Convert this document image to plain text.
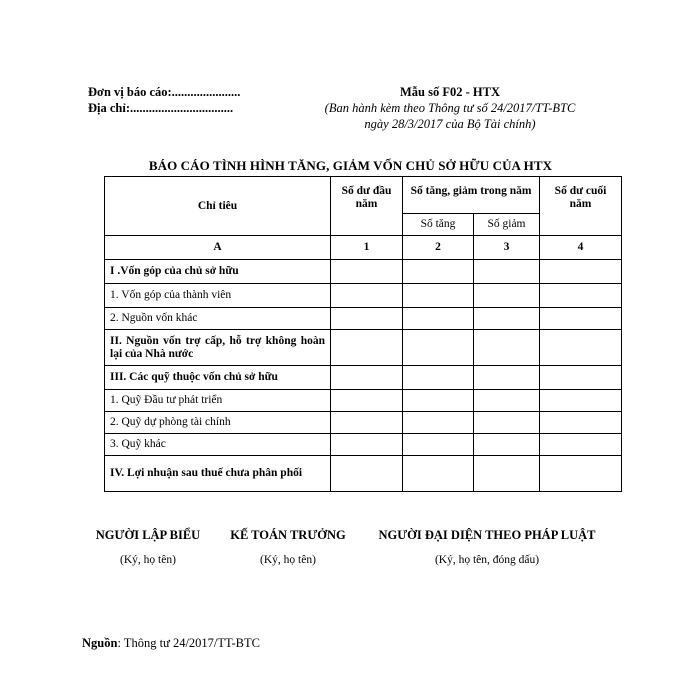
Đơn vị báo cáo:......................
Địa chỉ:.................................
Mẫu số F02 - HTX
(Ban hành kèm theo Thông tư số 24/2017/TT-BTC
ngày 28/3/2017 của Bộ Tài chính)
BÁO CÁO TÌNH HÌNH TĂNG, GIẢM VỐN CHỦ SỞ HỮU CỦA HTX
Chỉ tiêu	Số dư đầu năm	Số tăng, giảm trong năm		Số dư cuối năm
		Số tăng	Số giảm	
A	1	2	3	4
I .Vốn góp của chủ sở hữu				
1. Vốn góp của thành viên				
2. Nguồn vốn khác				
II. Nguồn vốn trợ cấp, hỗ trợ không hoàn lại của Nhà nước				
III. Các quỹ thuộc vốn chủ sở hữu				
1. Quỹ Đầu tư phát triển				
2. Quỹ dự phòng tài chính				
3. Quỹ khác				
IV. Lợi nhuận sau thuế chưa phân phối				
NGƯỜI LẬP BIỂU
(Ký, họ tên)
KẾ TOÁN TRƯỞNG
(Ký, họ tên)
NGƯỜI ĐẠI DIỆN THEO PHÁP LUẬT
(Ký, họ tên, đóng dấu)
Nguồn: Thông tư 24/2017/TT-BTC
